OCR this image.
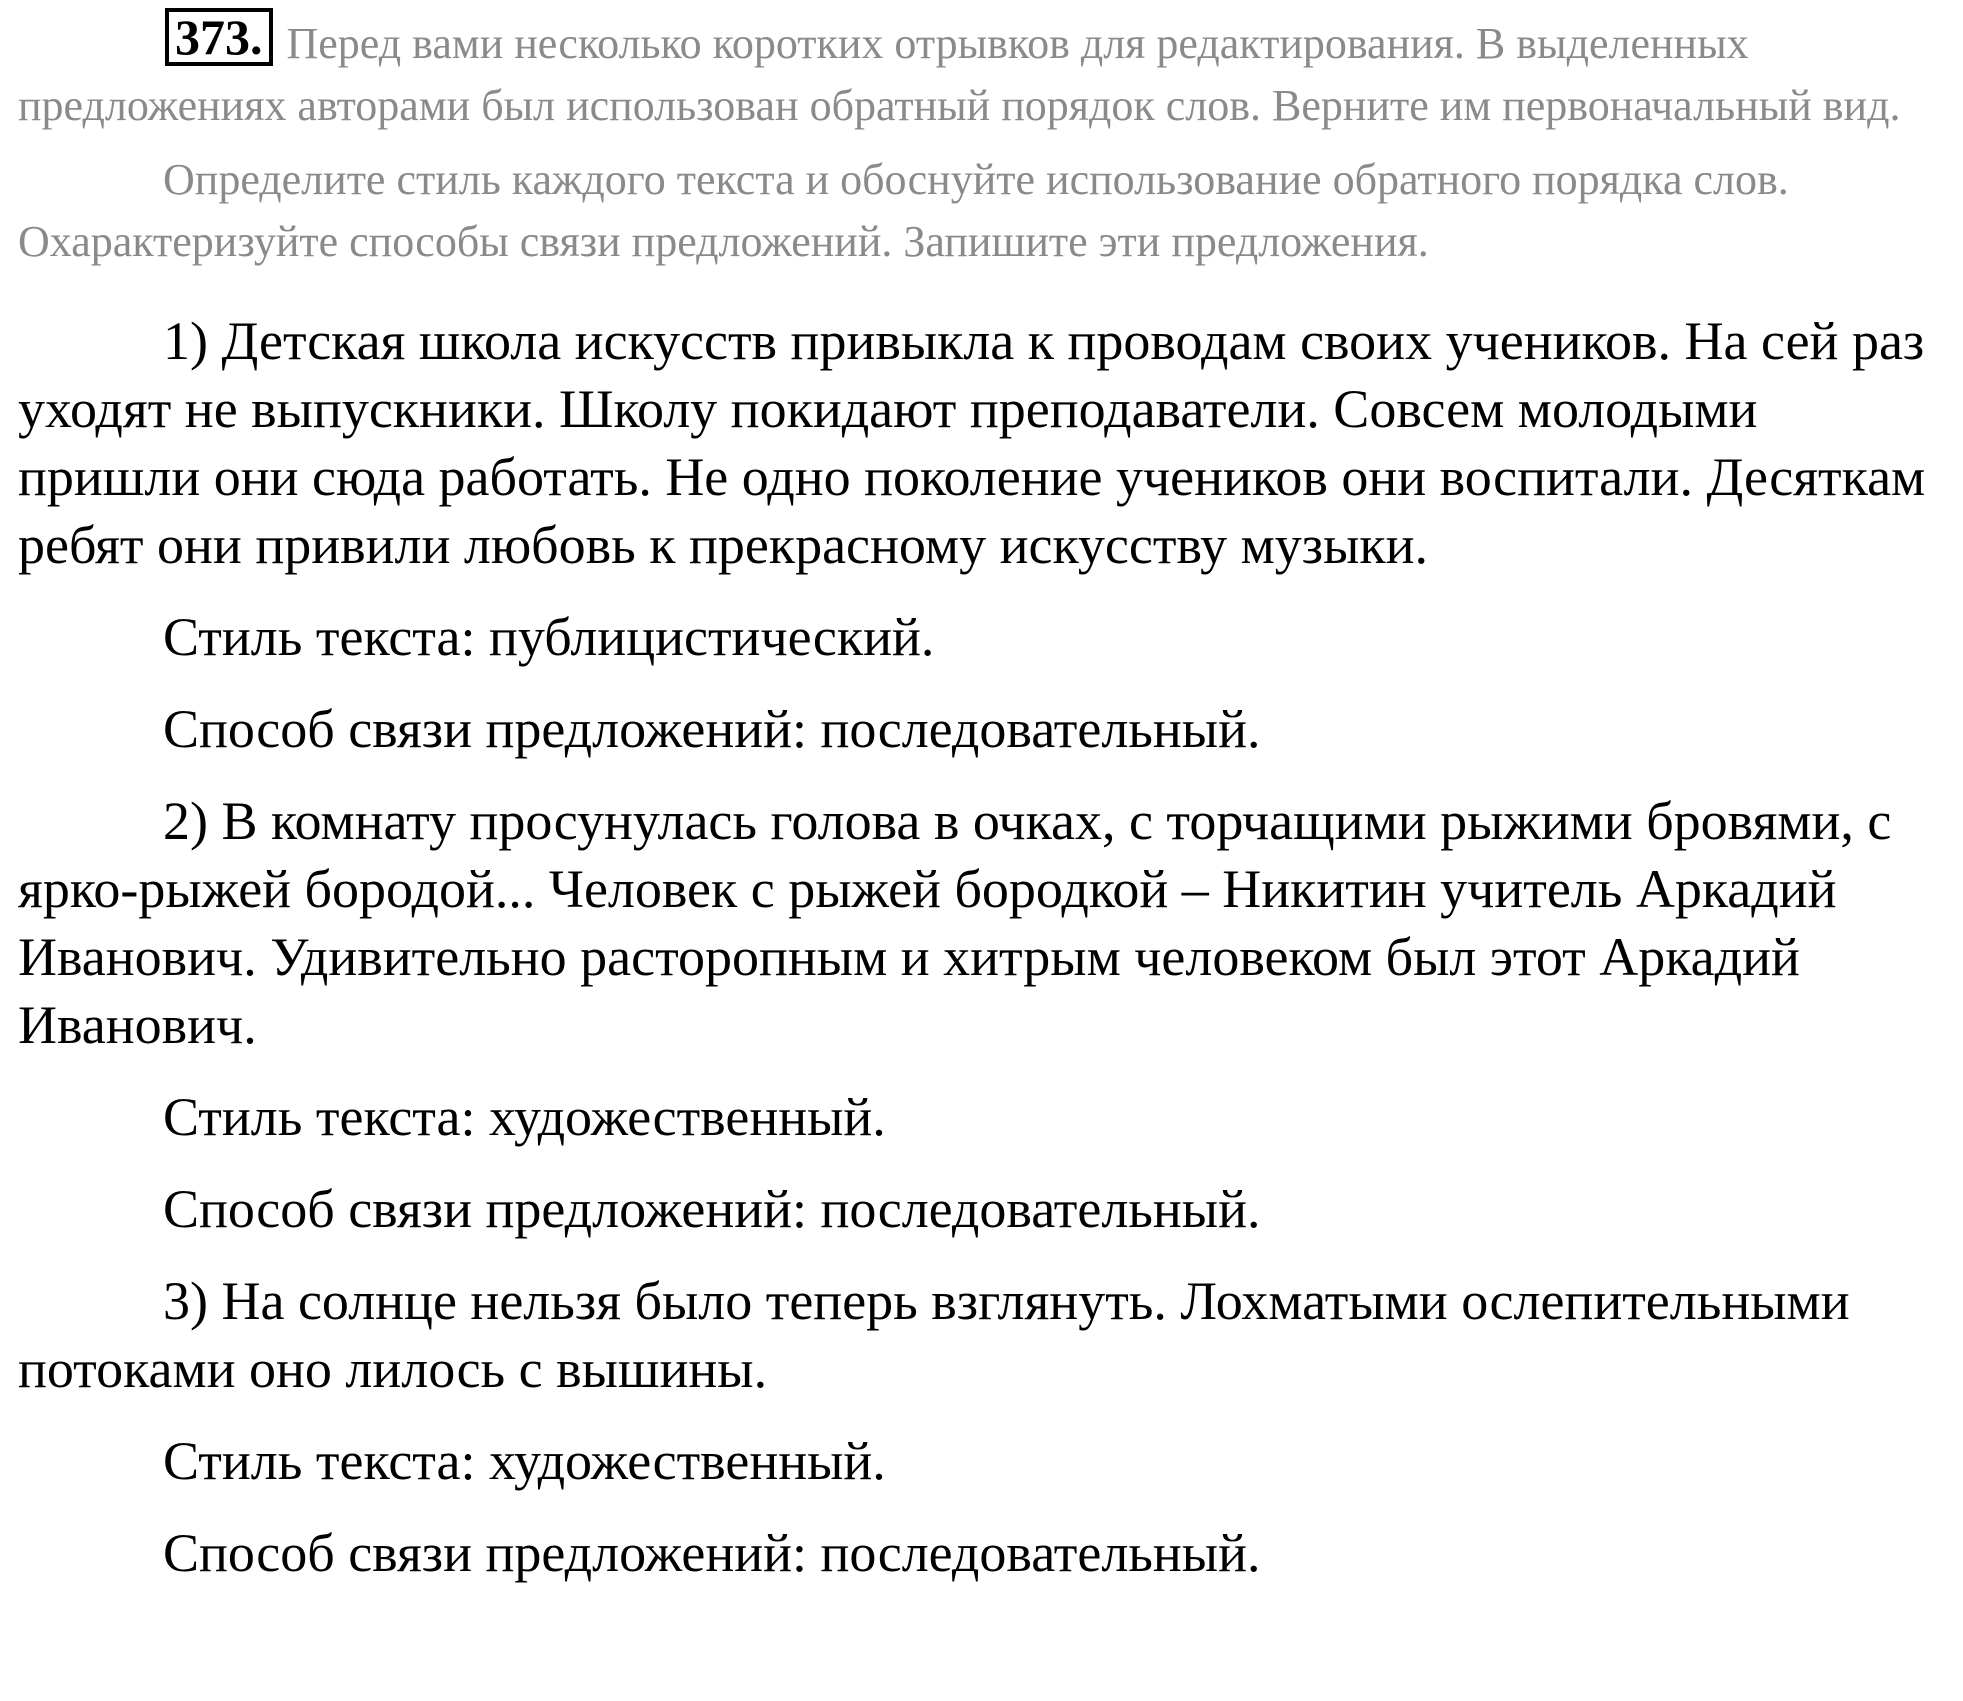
373. Перед вами несколько коротких отрывков для редактирования. В выделенных предложениях авторами был использован обратный порядок слов. Верните им первоначальный вид.

Определите стиль каждого текста и обоснуйте использование обратного порядка слов. Охарактеризуйте способы связи предложений. Запишите эти предложения.

1) Детская школа искусств привыкла к проводам своих учеников. На сей раз уходят не выпускники. Школу покидают преподаватели. Совсем молодыми пришли они сюда работать. Не одно поколение учеников они воспитали. Десяткам ребят они привили любовь к прекрасному искусству музыки.

Стиль текста: публицистический.

Способ связи предложений: последовательный.

2) В комнату просунулась голова в очках, с торчащими рыжими бровями, с ярко-рыжей бородой... Человек с рыжей бородкой – Никитин учитель Аркадий Иванович. Удивительно расторопным и хитрым человеком был этот Аркадий Иванович.

Стиль текста: художественный.

Способ связи предложений: последовательный.

3) На солнце нельзя было теперь взглянуть. Лохматыми ослепительными потоками оно лилось с вышины.

Стиль текста: художественный.

Способ связи предложений: последовательный.
